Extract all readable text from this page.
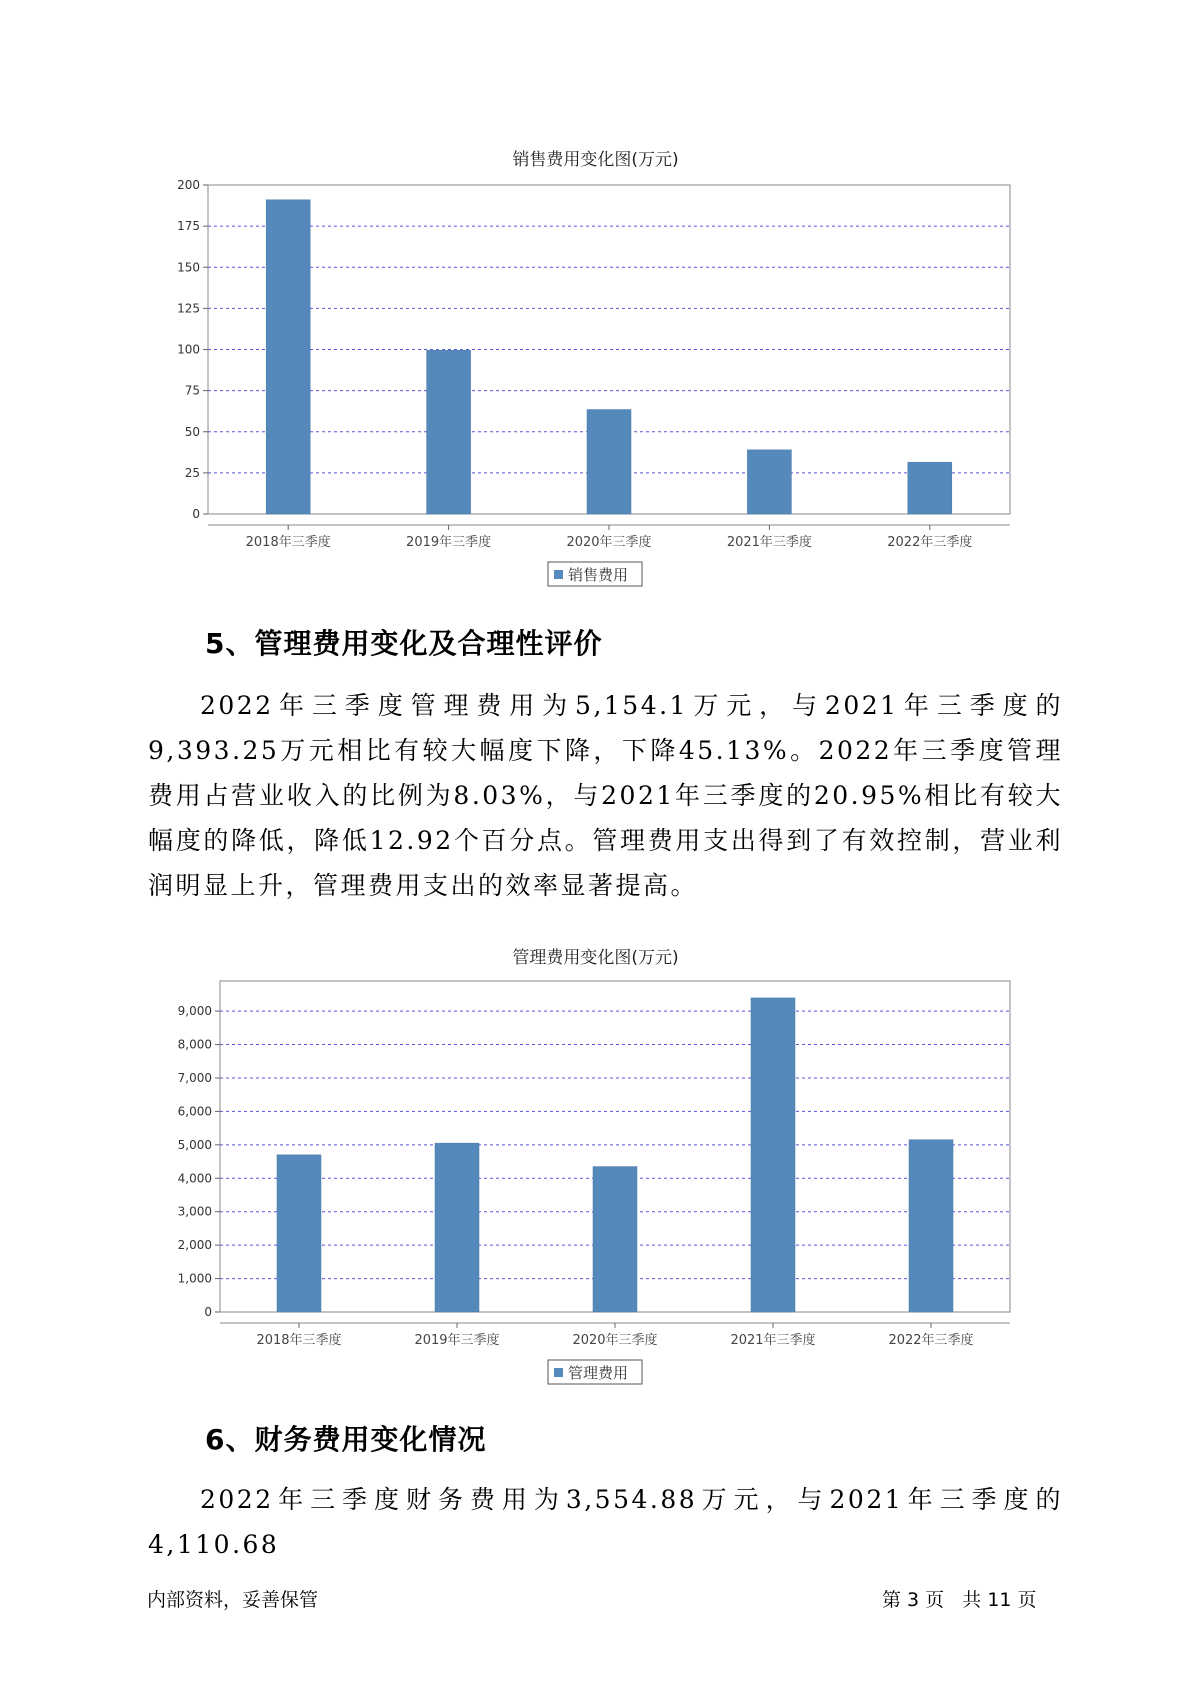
销售费用变化图(万元)
0
25
50
75
100
125
150
175
200
2018年三季度	2019年三季度	2020年三季度	2021年三季度	2022年三季度
销售费用
5、管理费用变化及合理性评价

2022年三季度管理费用为5,154.1万元，与2021年三季度的9,393.25万元相比有较大幅度下降，下降45.13%。2022年三季度管理费用占营业收入的比例为8.03%，与2021年三季度的20.95%相比有较大幅度的降低，降低12.92个百分点。管理费用支出得到了有效控制，营业利润明显上升，管理费用支出的效率显著提高。

管理费用变化图(万元)
0
1,000
2,000
3,000
4,000
5,000
6,000
7,000
8,000
9,000
2018年三季度	2019年三季度	2020年三季度	2021年三季度	2022年三季度
管理费用
6、财务费用变化情况

2022年三季度财务费用为3,554.88万元，与2021年三季度的4,110.68

内部资料，妥善保管	第 3 页   共 11 页
